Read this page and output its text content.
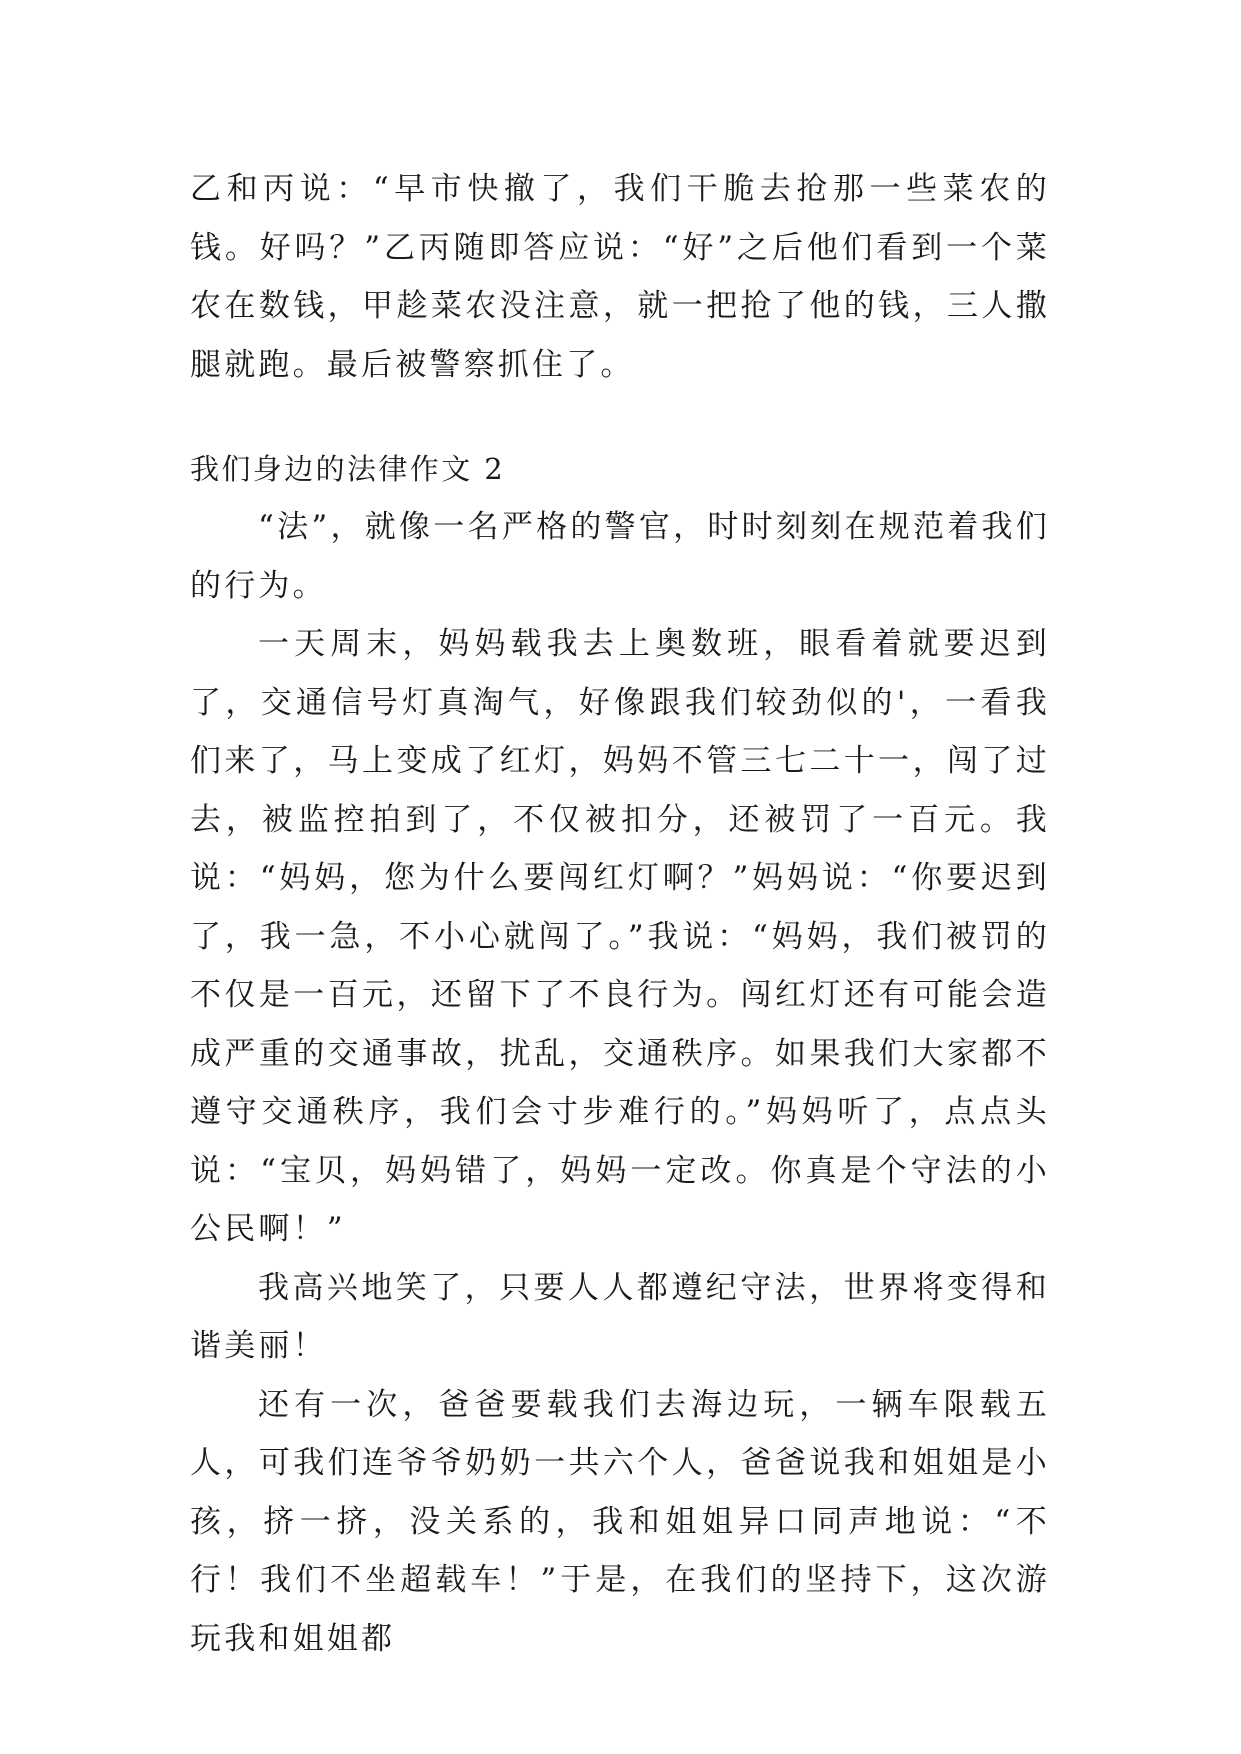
乙和丙说：“早市快撤了，我们干脆去抢那一些菜农的钱。好吗？”乙丙随即答应说：“好”之后他们看到一个菜农在数钱，甲趁菜农没注意，就一把抢了他的钱，三人撒腿就跑。最后被警察抓住了。

我们身边的法律作文 2

“法”，就像一名严格的警官，时时刻刻在规范着我们的行为。

一天周末，妈妈载我去上奥数班，眼看着就要迟到了，交通信号灯真淘气，好像跟我们较劲似的'，一看我们来了，马上变成了红灯，妈妈不管三七二十一，闯了过去，被监控拍到了，不仅被扣分，还被罚了一百元。我说：“妈妈，您为什么要闯红灯啊？”妈妈说：“你要迟到了，我一急，不小心就闯了。”我说：“妈妈，我们被罚的不仅是一百元，还留下了不良行为。闯红灯还有可能会造成严重的交通事故，扰乱，交通秩序。如果我们大家都不遵守交通秩序，我们会寸步难行的。”妈妈听了，点点头说：“宝贝，妈妈错了，妈妈一定改。你真是个守法的小公民啊！”

我高兴地笑了，只要人人都遵纪守法，世界将变得和谐美丽！

还有一次，爸爸要载我们去海边玩，一辆车限载五人，可我们连爷爷奶奶一共六个人，爸爸说我和姐姐是小孩，挤一挤，没关系的，我和姐姐异口同声地说：“不行！我们不坐超载车！”于是，在我们的坚持下，这次游玩我和姐姐都
